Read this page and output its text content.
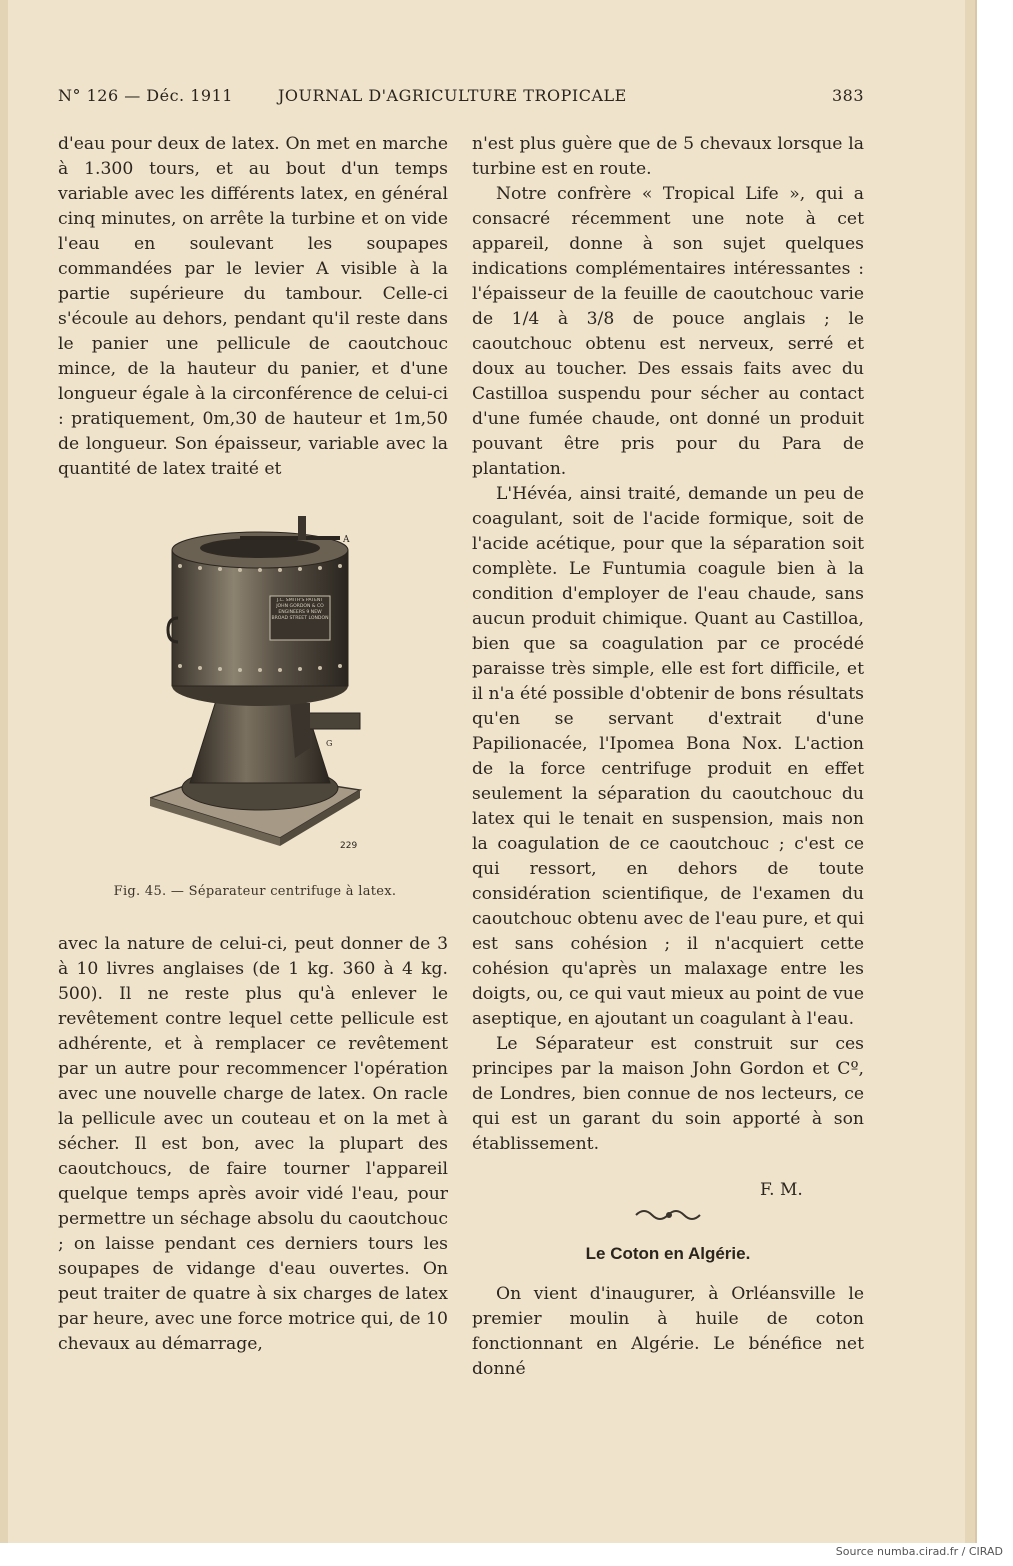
N° 126 — Déc. 1911	JOURNAL D'AGRICULTURE TROPICALE	383

d'eau pour deux de latex. On met en marche à 1.300 tours, et au bout d'un temps variable avec les différents latex, en général cinq minutes, on arrête la turbine et on vide l'eau en soulevant les soupapes commandées par le levier A visible à la partie supérieure du tambour. Celle-ci s'écoule au dehors, pendant qu'il reste dans le panier une pellicule de caoutchouc mince, de la hauteur du panier, et d'une longueur égale à la circonférence de celui-ci : pratiquement, 0m,30 de hauteur et 1m,50 de longueur. Son épaisseur, variable avec la quantité de latex traité et

A
J.C. SMITH'S PATENT JOHN GORDON & CO ENGINEERS 9 NEW BROAD STREET LONDON
G
229
Fig. 45. — Séparateur centrifuge à latex.

avec la nature de celui-ci, peut donner de 3 à 10 livres anglaises (de 1 kg. 360 à 4 kg. 500). Il ne reste plus qu'à enlever le revêtement contre lequel cette pellicule est adhérente, et à remplacer ce revêtement par un autre pour recommencer l'opération avec une nouvelle charge de latex. On racle la pellicule avec un couteau et on la met à sécher. Il est bon, avec la plupart des caoutchoucs, de faire tourner l'appareil quelque temps après avoir vidé l'eau, pour permettre un séchage absolu du caoutchouc ; on laisse pendant ces derniers tours les soupapes de vidange d'eau ouvertes. On peut traiter de quatre à six charges de latex par heure, avec une force motrice qui, de 10 chevaux au démarrage,

n'est plus guère que de 5 chevaux lorsque la turbine est en route.

Notre confrère « Tropical Life », qui a consacré récemment une note à cet appareil, donne à son sujet quelques indications complémentaires intéressantes : l'épaisseur de la feuille de caoutchouc varie de 1/4 à 3/8 de pouce anglais ; le caoutchouc obtenu est nerveux, serré et doux au toucher. Des essais faits avec du Castilloa suspendu pour sécher au contact d'une fumée chaude, ont donné un produit pouvant être pris pour du Para de plantation.

L'Hévéa, ainsi traité, demande un peu de coagulant, soit de l'acide formique, soit de l'acide acétique, pour que la séparation soit complète. Le Funtumia coagule bien à la condition d'employer de l'eau chaude, sans aucun produit chimique. Quant au Castilloa, bien que sa coagulation par ce procédé paraisse très simple, elle est fort difficile, et il n'a été possible d'obtenir de bons résultats qu'en se servant d'extrait d'une Papilionacée, l'Ipomea Bona Nox. L'action de la force centrifuge produit en effet seulement la séparation du caoutchouc du latex qui le tenait en suspension, mais non la coagulation de ce caoutchouc ; c'est ce qui ressort, en dehors de toute considération scientifique, de l'examen du caoutchouc obtenu avec de l'eau pure, et qui est sans cohésion ; il n'acquiert cette cohésion qu'après un malaxage entre les doigts, ou, ce qui vaut mieux au point de vue aseptique, en ajoutant un coagulant à l'eau.

Le Séparateur est construit sur ces principes par la maison John Gordon et Cº, de Londres, bien connue de nos lecteurs, ce qui est un garant du soin apporté à son établissement.

F. M.
Le Coton en Algérie.

On vient d'inaugurer, à Orléansville le premier moulin à huile de coton fonctionnant en Algérie. Le bénéfice net donné

Source numba.cirad.fr / CIRAD
